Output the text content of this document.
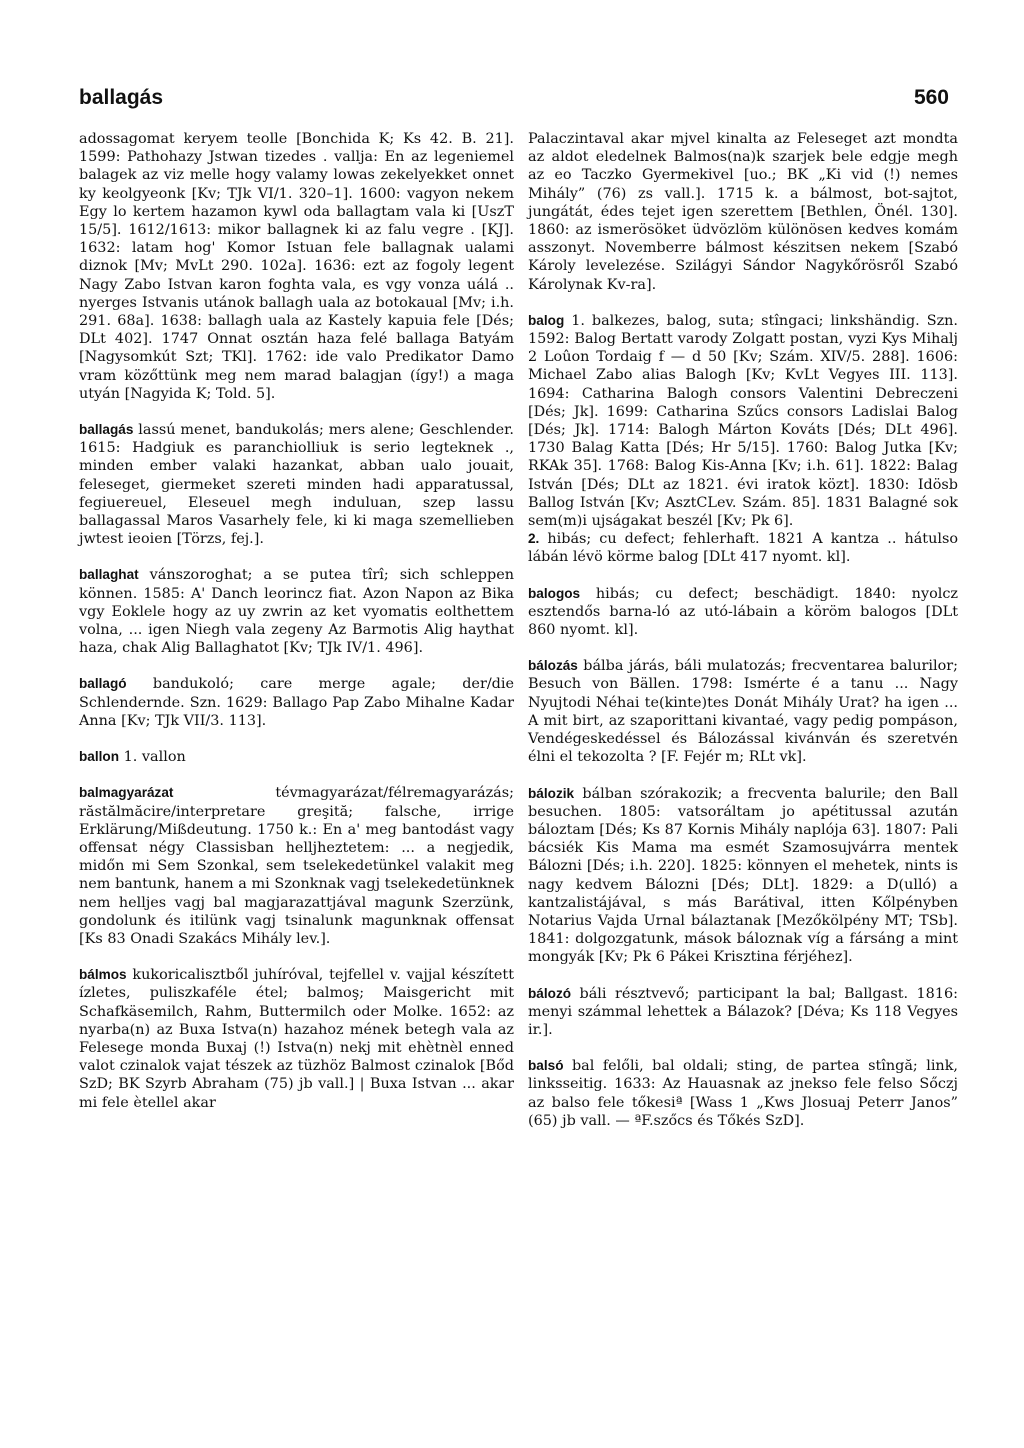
ballagás	560

adossagomat keryem teolle [Bonchida K; Ks 42. B. 21]. 1599: Pathohazy Jstwan tizedes . vallja: En az legeniemel balagek az viz melle hogy valamy lowas zekelyekket onnet ky keolgyeonk [Kv; TJk VI/1. 320–1]. 1600: vagyon nekem Egy lo kertem hazamon kywl oda ballagtam vala ki [UszT 15/5]. 1612/1613: mikor ballagnek ki az falu vegre . [KJ]. 1632: latam hog' Komor Istuan fele ballagnak ualami diznok [Mv; MvLt 290. 102a]. 1636: ezt az fogoly legent Nagy Zabo Istvan karon foghta vala, es vgy vonza uálá .. nyerges Istvanis utánok ballagh uala az botokaual [Mv; i.h. 291. 68a]. 1638: ballagh uala az Kastely kapuia fele [Dés; DLt 402]. 1747 Onnat osztán haza felé ballaga Batyám [Nagysomkút Szt; TKl]. 1762: ide valo Predikator Damo vram közőttünk meg nem marad balagjan (így!) a maga utyán [Nagyida K; Told. 5].

ballagás lassú menet, bandukolás; mers alene; Geschlender. 1615: Hadgiuk es paranchiolliuk is serio legteknek ., minden ember valaki hazankat, abban ualo jouait, feleseget, giermeket szereti minden hadi apparatussal, fegiuereuel, Eleseuel megh induluan, szep lassu ballagassal Maros Vasarhely fele, ki ki maga szemellieben jwtest ieoien [Törzs, fej.].

ballaghat vánszoroghat; a se putea tîrî; sich schleppen können. 1585: A' Danch leorincz fiat. Azon Napon az Bika vgy Eoklele hogy az uy zwrin az ket vyomatis eolthettem volna, ... igen Niegh vala zegeny Az Barmotis Alig haythat haza, chak Alig Ballaghatot [Kv; TJk IV/1. 496].

ballagó bandukoló; care merge agale; der/die Schlendernde. Szn. 1629: Ballago Pap Zabo Mihalne Kadar Anna [Kv; TJk VII/3. 113].

ballon 1. vallon

balmagyarázat tévmagyarázat/félremagyarázás; răstălmăcire/interpretare greşită; falsche, irrige Erklärung/Mißdeutung. 1750 k.: En a' meg bantodást vagy offensat négy Classisban helljheztetem: ... a negjedik, midőn mi Sem Szonkal, sem tselekedetünkel valakit meg nem bantunk, hanem a mi Szonknak vagj tselekedetünknek nem helljes vagj bal magjarazattjával magunk Szerzünk, gondolunk és itilünk vagj tsinalunk magunknak offensat [Ks 83 Onadi Szakács Mihály lev.].

bálmos kukoricalisztből juhíróval, tejfellel v. vajjal készített ízletes, puliszkaféle étel; balmoş; Maisgericht mit Schafkäsemilch, Rahm, Buttermilch oder Molke. 1652: az nyarba(n) az Buxa Istva(n) hazahoz mének betegh vala az Felesege monda Buxaj (!) Istva(n) nekj mit ehètnèl enned valot czinalok vajat tészek az tüzhöz Balmost czinalok [Bőd SzD; BK Szyrb Abraham (75) jb vall.] | Buxa Istvan ... akar mi fele ètellel akar

Palaczintaval akar mjvel kinalta az Feleseget azt mondta az aldot eledelnek Balmos(na)k szarjek bele edgje megh az eo Taczko Gyermekivel [uo.; BK „Ki vid (!) nemes Mihály” (76) zs vall.]. 1715 k. a bálmost, bot-sajtot, jungátát, édes tejet igen szerettem [Bethlen, Önél. 130]. 1860: az ismerösöket üdvözlöm különösen kedves komám asszonyt. Novemberre bálmost készitsen nekem [Szabó Károly levelezése. Szilágyi Sándor Nagykőrösről Szabó Károlynak Kv-ra].

balog 1. balkezes, balog, suta; stîngaci; linkshändig. Szn. 1592: Balog Bertatt varody Zolgatt postan, vyzi Kys Mihalj 2 Loûon Tordaig f — d 50 [Kv; Szám. XIV/5. 288]. 1606: Michael Zabo alias Balogh [Kv; KvLt Vegyes III. 113]. 1694: Catharina Balogh consors Valentini Debreczeni [Dés; Jk]. 1699: Catharina Szűcs consors Ladislai Balog [Dés; Jk]. 1714: Balogh Márton Kováts [Dés; DLt 496]. 1730 Balag Katta [Dés; Hr 5/15]. 1760: Balog Jutka [Kv; RKAk 35]. 1768: Balog Kis-Anna [Kv; i.h. 61]. 1822: Balag István [Dés; DLt az 1821. évi iratok közt]. 1830: Idösb Ballog István [Kv; AsztCLev. Szám. 85]. 1831 Balagné sok sem(m)i ujságakat beszél [Kv; Pk 6].

2. hibás; cu defect; fehlerhaft. 1821 A kantza .. hátulso lábán lévö körme balog [DLt 417 nyomt. kl].

balogos hibás; cu defect; beschädigt. 1840: nyolcz esztendős barna-ló az utó-lábain a köröm balogos [DLt 860 nyomt. kl].

bálozás bálba járás, báli mulatozás; frecventarea balurilor; Besuch von Bällen. 1798: Ismérte é a tanu ... Nagy Nyujtodi Néhai te(kinte)tes Donát Mihály Urat? ha igen ... A mit birt, az szaporittani kivantaé, vagy pedig pompáson, Vendégeskedéssel és Bálozással kivánván és szeretvén élni el tekozolta ? [F. Fejér m; RLt vk].

bálozik bálban szórakozik; a frecventa balurile; den Ball besuchen. 1805: vatsoráltam jo apétitussal azután báloztam [Dés; Ks 87 Kornis Mihály naplója 63]. 1807: Pali bácsiék Kis Mama ma esmét Szamosujvárra mentek Bálozni [Dés; i.h. 220]. 1825: könnyen el mehetek, nints is nagy kedvem Bálozni [Dés; DLt]. 1829: a D(ulló) a kantzalistájával, s más Barátival, itten Kőlpényben Notarius Vajda Urnal bálaztanak [Mezőkölpény MT; TSb]. 1841: dolgozgatunk, mások báloznak víg a fársáng a mint mongyák [Kv; Pk 6 Pákei Krisztina férjéhez].

bálozó báli résztvevő; participant la bal; Ballgast. 1816: menyi számmal lehettek a Bálazok? [Déva; Ks 118 Vegyes ir.].

balsó bal felőli, bal oldali; sting, de partea stîngă; link, linksseitig. 1633: Az Hauasnak az jnekso fele felso Sőczj az balso fele tőkesiª [Wass 1 „Kws Jlosuaj Peterr Janos” (65) jb vall. — ªF.szőcs és Tőkés SzD].
